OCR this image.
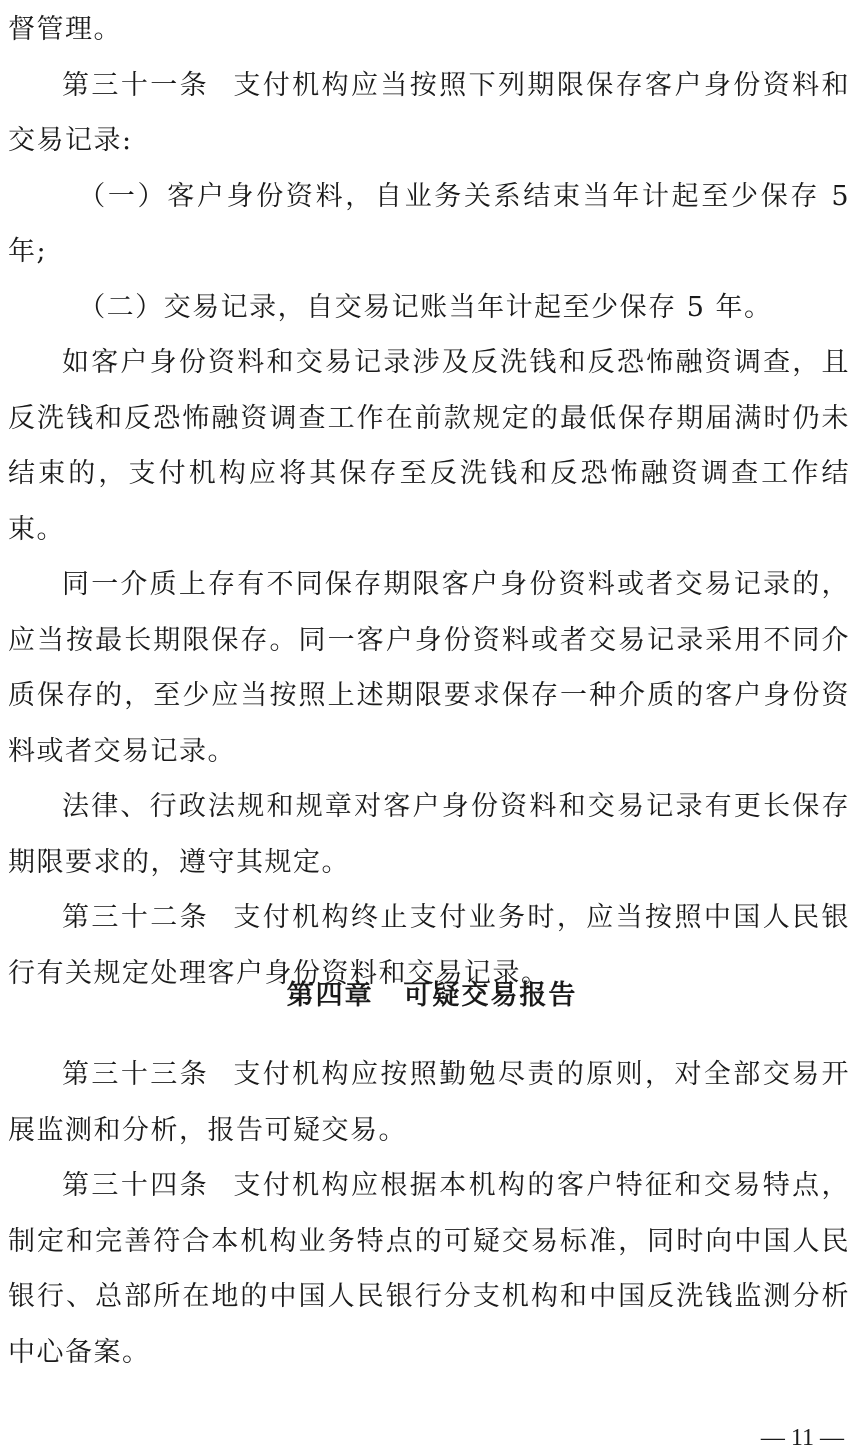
督管理。

第三十一条 支付机构应当按照下列期限保存客户身份资料和交易记录:

（一）客户身份资料，自业务关系结束当年计起至少保存 5 年;

（二）交易记录，自交易记账当年计起至少保存 5 年。

如客户身份资料和交易记录涉及反洗钱和反恐怖融资调查，且反洗钱和反恐怖融资调查工作在前款规定的最低保存期届满时仍未结束的，支付机构应将其保存至反洗钱和反恐怖融资调查工作结束。

同一介质上存有不同保存期限客户身份资料或者交易记录的，应当按最长期限保存。同一客户身份资料或者交易记录采用不同介质保存的，至少应当按照上述期限要求保存一种介质的客户身份资料或者交易记录。

法律、行政法规和规章对客户身份资料和交易记录有更长保存期限要求的，遵守其规定。

第三十二条 支付机构终止支付业务时，应当按照中国人民银行有关规定处理客户身份资料和交易记录。

第四章 可疑交易报告

第三十三条 支付机构应按照勤勉尽责的原则，对全部交易开展监测和分析，报告可疑交易。

第三十四条 支付机构应根据本机构的客户特征和交易特点，制定和完善符合本机构业务特点的可疑交易标准，同时向中国人民银行、总部所在地的中国人民银行分支机构和中国反洗钱监测分析中心备案。

— 11 —
